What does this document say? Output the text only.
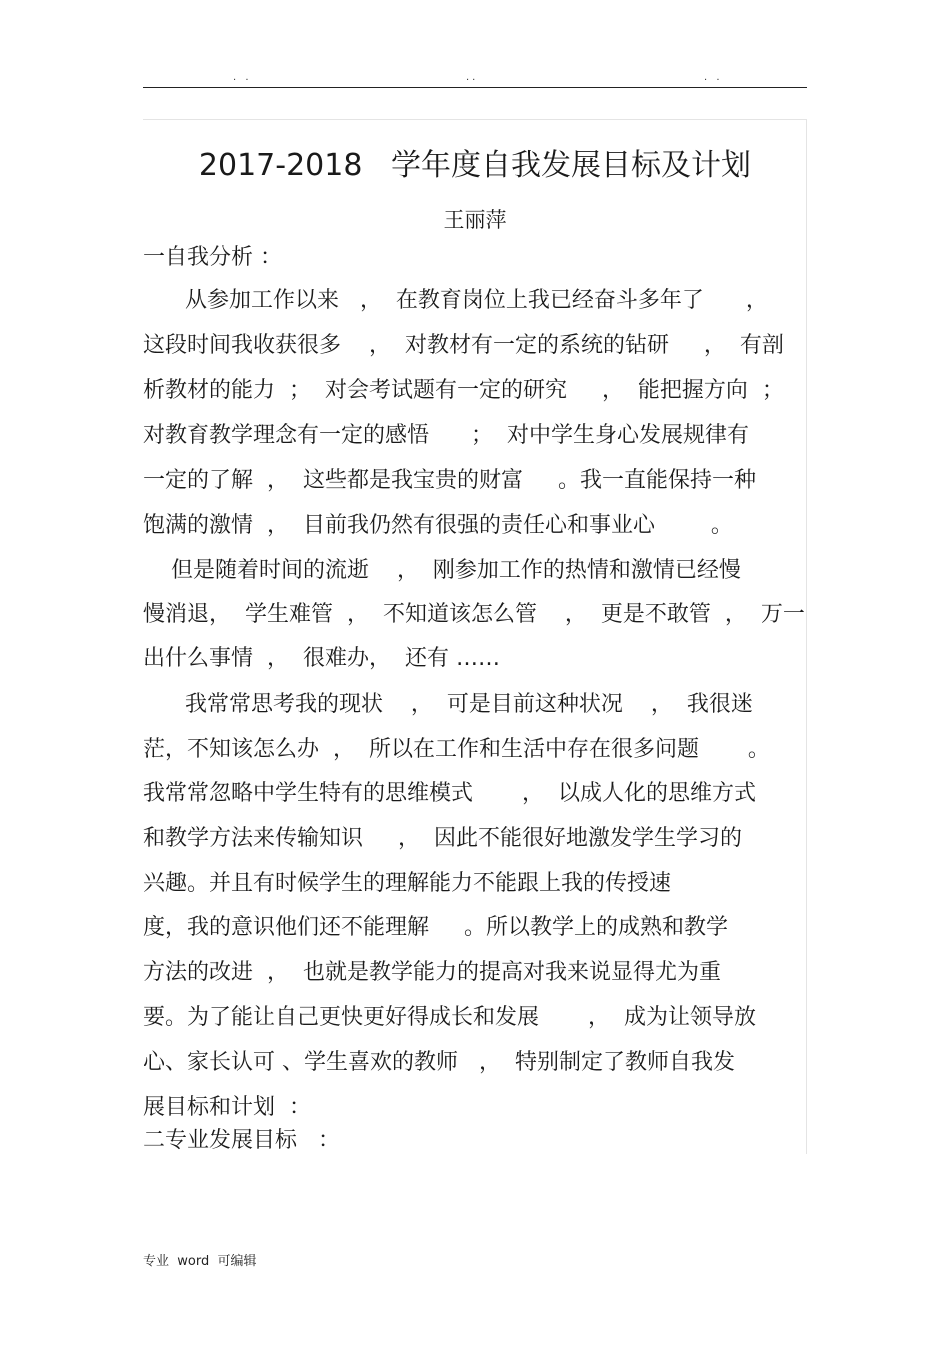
. .	..	. .
2017-2018   学年度自我发展目标及计划
王丽萍
一自我分析 ：
从参加工作以来   ，  在教育岗位上我已经奋斗多年了      ，
这段时间我收获很多    ，  对教材有一定的系统的钻研     ，  有剖
析教材的能力  ；  对会考试题有一定的研究     ，  能把握方向  ；
对教育教学理念有一定的感悟      ；  对中学生身心发展规律有
一定的了解  ，  这些都是我宝贵的财富     。我一直能保持一种
饱满的激情  ，  目前我仍然有很强的责任心和事业心        。
但是随着时间的流逝    ，  刚参加工作的热情和激情已经慢
慢消退，  学生难管  ，  不知道该怎么管    ，  更是不敢管  ，  万一
出什么事情  ，  很难办，  还有 ……
我常常思考我的现状    ，  可是目前这种状况    ，  我很迷
茫，不知该怎么办  ，  所以在工作和生活中存在很多问题       。
我常常忽略中学生特有的思维模式       ，  以成人化的思维方式
和教学方法来传输知识     ，  因此不能很好地激发学生学习的
兴趣。并且有时候学生的理解能力不能跟上我的传授速
度，我的意识他们还不能理解     。所以教学上的成熟和教学
方法的改进  ，  也就是教学能力的提高对我来说显得尤为重
要。为了能让自己更快更好得成长和发展       ，  成为让领导放
心、家长认可 、学生喜欢的教师   ，  特别制定了教师自我发
展目标和计划  ：
二专业发展目标   ：
专业  word  可编辑
